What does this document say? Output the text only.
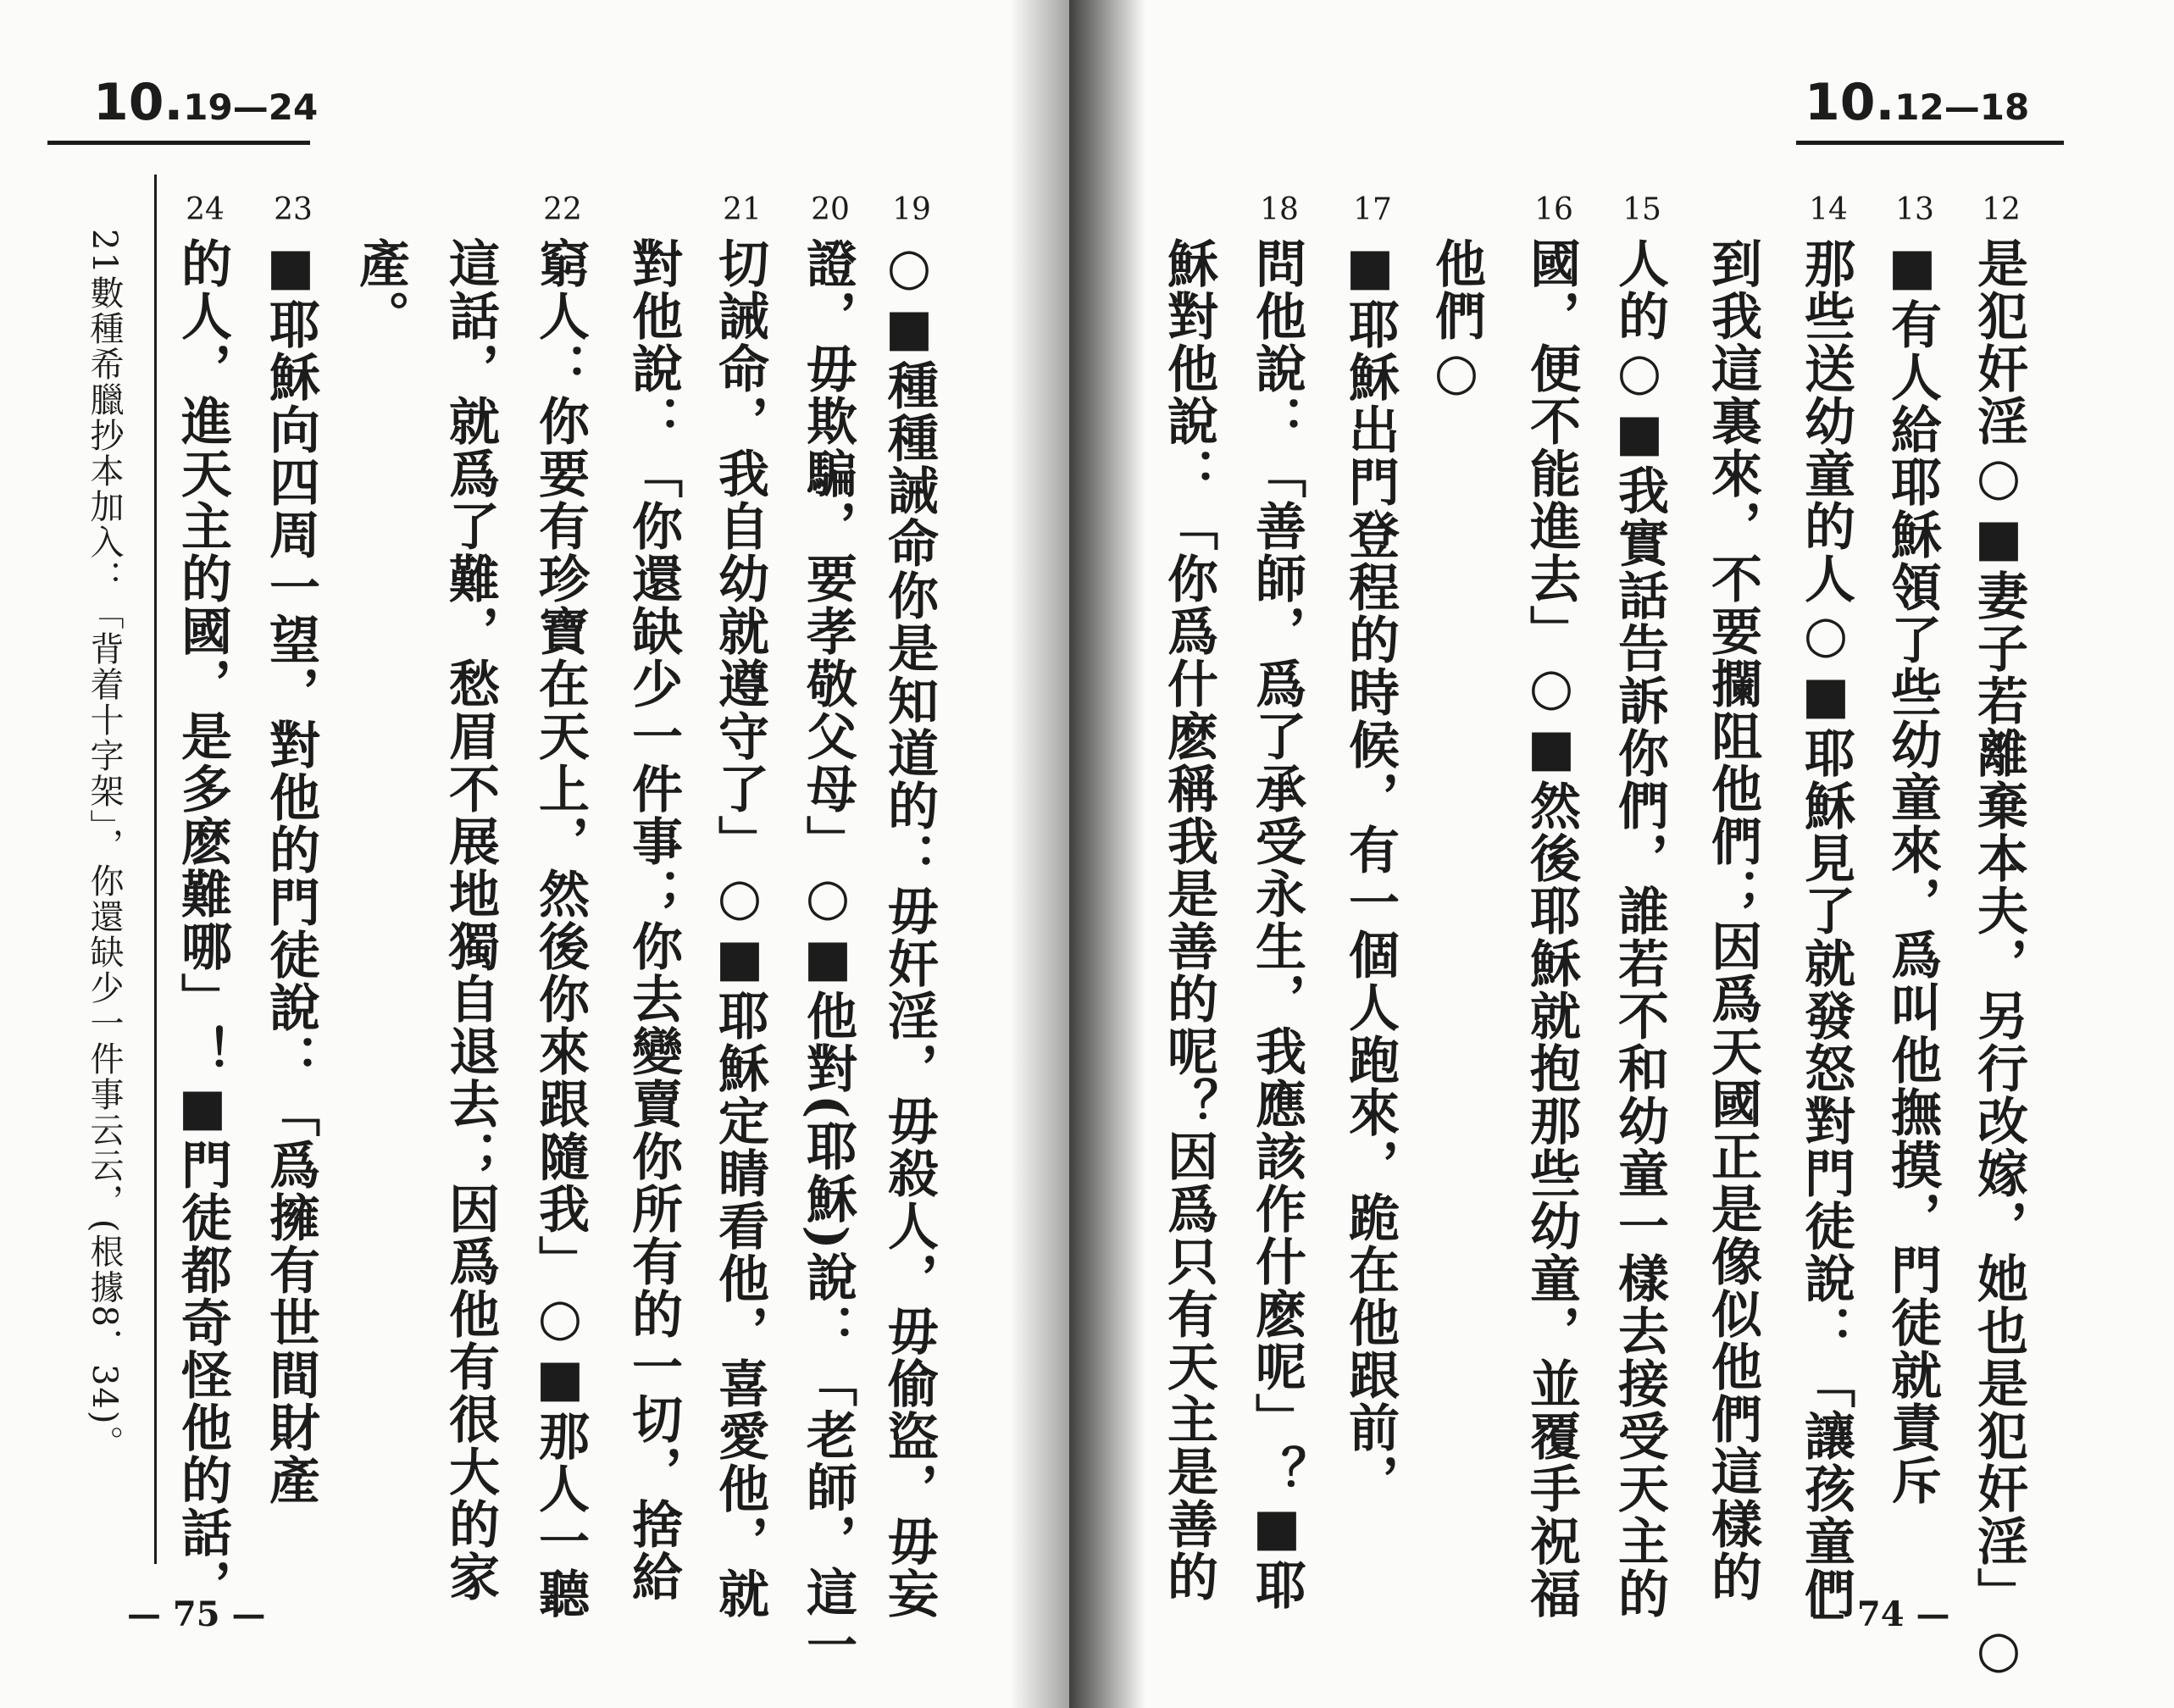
10.19—24
19
○■種種誡命你是知道的：毋奸淫，毋殺人，毋偷盜，毋妄
20
證，毋欺騙，要孝敬父母」○■他對(耶穌)說：「老師，這一
21
切誡命，我自幼就遵守了」○■耶穌定睛看他，喜愛他，就
對他說：「你還缺少一件事；你去變賣你所有的一切，捨給
22
窮人：你要有珍寶在天上，然後你來跟隨我」○■那人一聽
這話，就爲了難，愁眉不展地獨自退去；因爲他有很大的家
產。
23
■耶穌向四周一望，對他的門徒說：「爲擁有世間財產
24
的人，進天主的國，是多麽難哪」！■門徒都奇怪他的話，
21數種希臘抄本加入：「背着十字架」，你還缺少一件事云云，(根據8．34)。
— 75 —
10.12—18
12
是犯奸淫○■妻子若離棄本夫，另行改嫁，她也是犯奸淫」○
13
■有人給耶穌領了些幼童來，爲叫他撫摸，門徒就責斥
14
那些送幼童的人○■耶穌見了就發怒對門徒說：「讓孩童們
到我這裏來，不要攔阻他們；因爲天國正是像似他們這樣的
15
人的○■我實話告訴你們，誰若不和幼童一樣去接受天主的
16
國，便不能進去」○■然後耶穌就抱那些幼童，並覆手祝福
他們○
17
■耶穌出門登程的時候，有一個人跑來，跪在他跟前，
18
問他說：「善師，爲了承受永生，我應該作什麽呢」？■耶
穌對他說：「你爲什麽稱我是善的呢？因爲只有天主是善的
— 74 —
